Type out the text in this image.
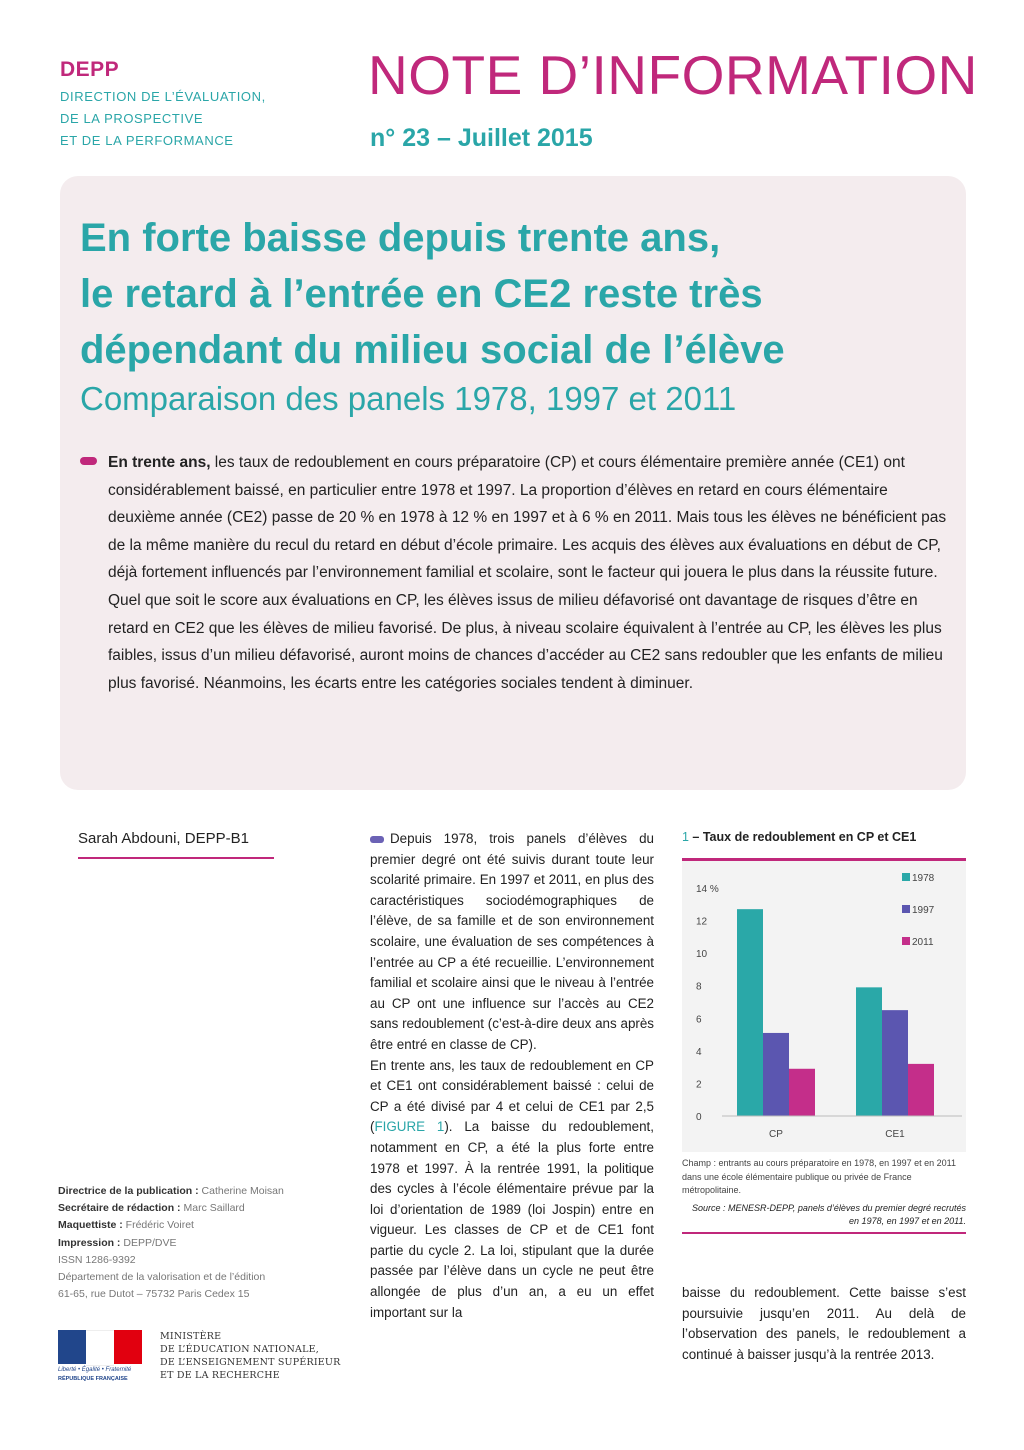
DEPP
DIRECTION DE L’ÉVALUATION,
DE LA PROSPECTIVE
ET DE LA PERFORMANCE
NOTE D’INFORMATION
n° 23 – Juillet 2015
En forte baisse depuis trente ans,
le retard à l’entrée en CE2 reste très
dépendant du milieu social de l’élève
Comparaison des panels 1978, 1997 et 2011
En trente ans, les taux de redoublement en cours préparatoire (CP) et cours élémentaire première année (CE1) ont considérablement baissé, en particulier entre 1978 et 1997. La proportion d’élèves en retard en cours élémentaire deuxième année (CE2) passe de 20 % en 1978 à 12 % en 1997 et à 6 % en 2011. Mais tous les élèves ne bénéficient pas de la même manière du recul du retard en début d’école primaire. Les acquis des élèves aux évaluations en début de CP, déjà fortement influencés par l’environnement familial et scolaire, sont le facteur qui jouera le plus dans la réussite future. Quel que soit le score aux évaluations en CP, les élèves issus de milieu défavorisé ont davantage de risques d’être en retard en CE2 que les élèves de milieu favorisé. De plus, à niveau scolaire équivalent à l’entrée au CP, les élèves les plus faibles, issus d’un milieu défavorisé, auront moins de chances d’accéder au CE2 sans redoubler que les enfants de milieu plus favorisé. Néanmoins, les écarts entre les catégories sociales tendent à diminuer.
Sarah Abdouni, DEPP-B1
Directrice de la publication : Catherine Moisan
Secrétaire de rédaction : Marc Saillard
Maquettiste : Frédéric Voiret
Impression : DEPP/DVE
ISSN 1286-9392
Département de la valorisation et de l’édition
61-65, rue Dutot – 75732 Paris Cedex 15
Liberté • Égalité • Fraternité
RÉPUBLIQUE FRANÇAISE
MINISTÈRE
DE L’ÉDUCATION NATIONALE,
DE L’ENSEIGNEMENT SUPÉRIEUR
ET DE LA RECHERCHE

Depuis 1978, trois panels d’élèves du premier degré ont été suivis durant toute leur scolarité primaire. En 1997 et 2011, en plus des caractéristiques sociodémographiques de l’élève, de sa famille et de son environnement scolaire, une évaluation de ses compétences à l’entrée au CP a été recueillie. L’environnement familial et scolaire ainsi que le niveau à l’entrée au CP ont une influence sur l’accès au CE2 sans redoublement (c’est-à-dire deux ans après être entré en classe de CP).

En trente ans, les taux de redoublement en CP et CE1 ont considérablement baissé : celui de CP a été divisé par 4 et celui de CE1 par 2,5 (FIGURE 1). La baisse du redoublement, notamment en CP, a été la plus forte entre 1978 et 1997. À la rentrée 1991, la politique des cycles à l’école élémentaire prévue par la loi d’orientation de 1989 (loi Jospin) entre en vigueur. Les classes de CP et de CE1 font partie du cycle 2. La loi, stipulant que la durée passée par l’élève dans un cycle ne peut être allongée de plus d’un an, a eu un effet important sur la

baisse du redoublement. Cette baisse s’est poursuivie jusqu’en 2011. Au delà de l’observation des panels, le redoublement a continué à baisser jusqu’à la rentrée 2013.
1 – Taux de redoublement en CP et CE1
0
2
4
6
8
10
12
14 %
CP	CE1
1978
1997
2011
Champ : entrants au cours préparatoire en 1978, en 1997 et en 2011 dans une école élémentaire publique ou privée de France métropolitaine.
Source : MENESR-DEPP, panels d’élèves du premier degré recrutés en 1978, en 1997 et en 2011.
